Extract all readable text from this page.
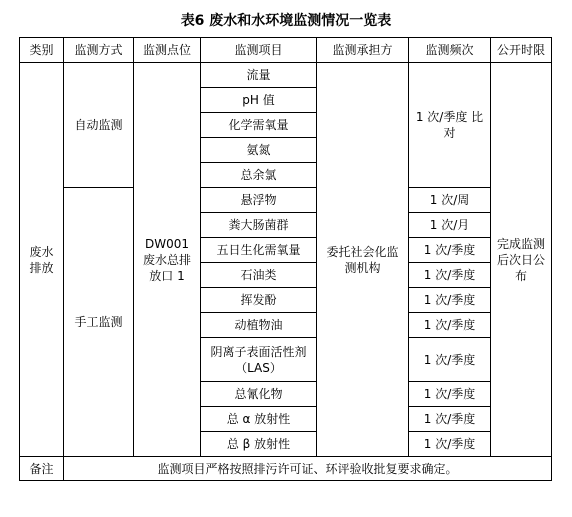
表6 废水和水环境监测情况一览表
类别	监测方式	监测点位	监测项目	监测承担方	监测频次	公开时限

废水排放	自动监测	DW001 废水总排放口 1	流量	委托社会化监测机构	1 次/季度 比对	完成监测后次日公布

			pH 值			
			化学需氧量			
			氨氮			
			总余氯			
	手工监测		悬浮物		1 次/周	
			粪大肠菌群		1 次/月	
			五日生化需氧量		1 次/季度	
			石油类		1 次/季度	
			挥发酚		1 次/季度	
			动植物油		1 次/季度	

			阴离子表面活性剂（LAS）		1 次/季度	
			总氰化物		1 次/季度	
			总 α 放射性		1 次/季度	
			总 β 放射性		1 次/季度	
备注	监测项目严格按照排污许可证、环评验收批复要求确定。					
